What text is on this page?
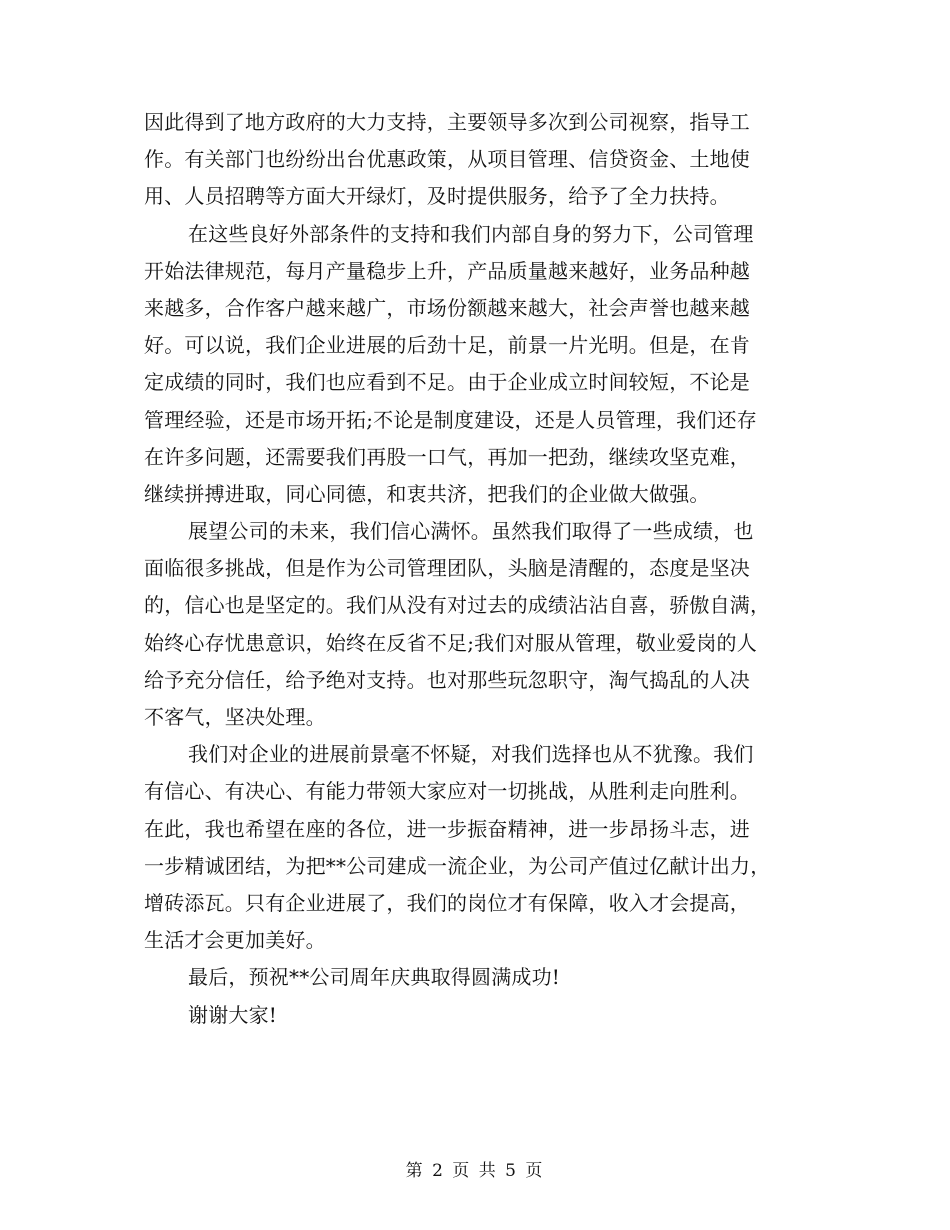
因此得到了地方政府的大力支持，主要领导多次到公司视察，指导工
作。有关部门也纷纷出台优惠政策，从项目管理、信贷资金、土地使
用、人员招聘等方面大开绿灯，及时提供服务，给予了全力扶持。
在这些良好外部条件的支持和我们内部自身的努力下，公司管理
开始法律规范，每月产量稳步上升，产品质量越来越好，业务品种越
来越多，合作客户越来越广，市场份额越来越大，社会声誉也越来越
好。可以说，我们企业进展的后劲十足，前景一片光明。但是，在肯
定成绩的同时，我们也应看到不足。由于企业成立时间较短，不论是
管理经验，还是市场开拓;不论是制度建设，还是人员管理，我们还存
在许多问题，还需要我们再股一口气，再加一把劲，继续攻坚克难，
继续拼搏进取，同心同德，和衷共济，把我们的企业做大做强。
展望公司的未来，我们信心满怀。虽然我们取得了一些成绩，也
面临很多挑战，但是作为公司管理团队，头脑是清醒的，态度是坚决
的，信心也是坚定的。我们从没有对过去的成绩沾沾自喜，骄傲自满，
始终心存忧患意识，始终在反省不足;我们对服从管理，敬业爱岗的人
给予充分信任，给予绝对支持。也对那些玩忽职守，淘气捣乱的人决
不客气，坚决处理。
我们对企业的进展前景毫不怀疑，对我们选择也从不犹豫。我们
有信心、有决心、有能力带领大家应对一切挑战，从胜利走向胜利。
在此，我也希望在座的各位，进一步振奋精神，进一步昂扬斗志，进
一步精诚团结，为把**公司建成一流企业，为公司产值过亿献计出力，
增砖添瓦。只有企业进展了，我们的岗位才有保障，收入才会提高，
生活才会更加美好。
最后，预祝**公司周年庆典取得圆满成功!
谢谢大家!
第 2 页 共 5 页
